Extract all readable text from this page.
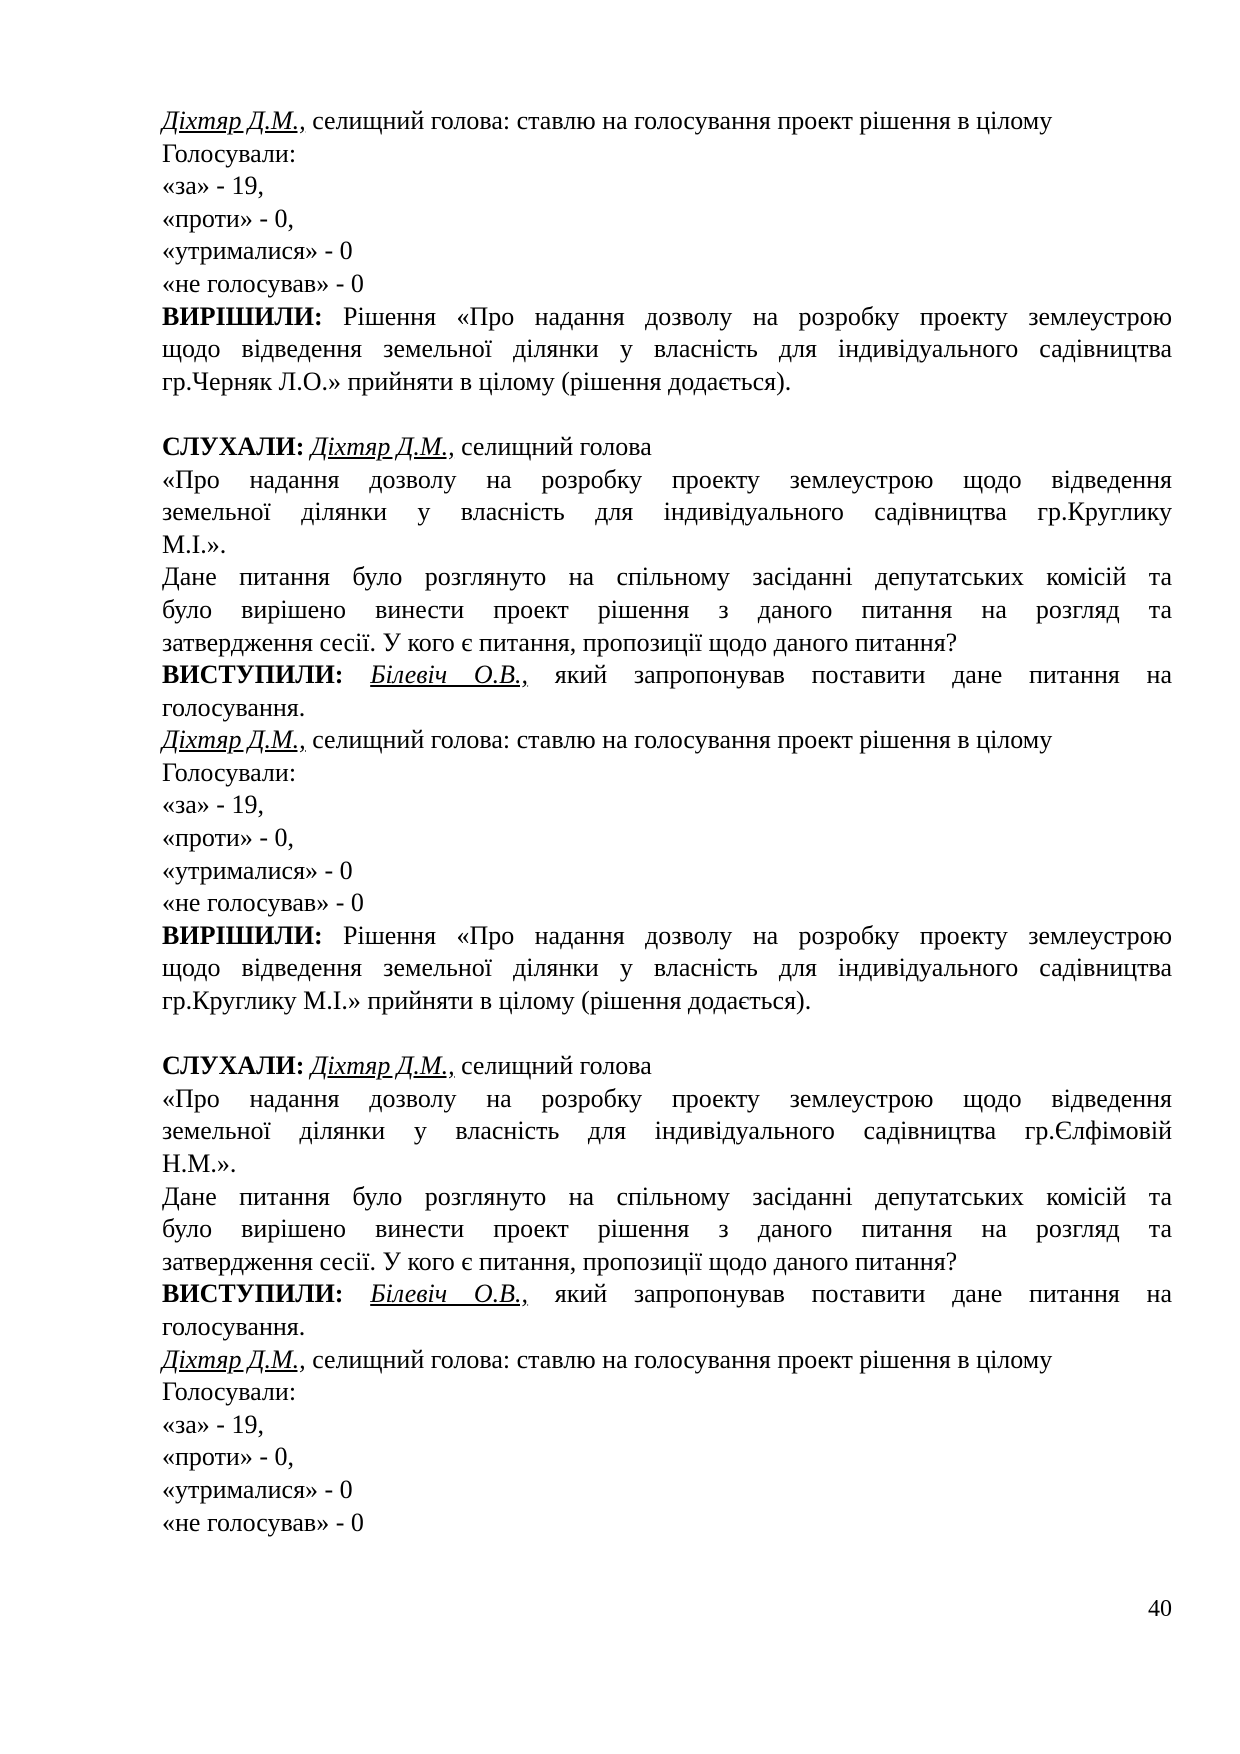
Діхтяр Д.М., селищний голова: ставлю на голосування проект рішення в цілому
Голосували:
«за» - 19,
«проти» - 0,
«утрималися» - 0
«не голосував» - 0
ВИРІШИЛИ: Рішення «Про надання дозволу на розробку проекту землеустрою
щодо відведення земельної ділянки у власність для індивідуального садівництва
гр.Черняк Л.О.» прийняти в цілому (рішення додається).
СЛУХАЛИ: Діхтяр Д.М., селищний голова
«Про надання дозволу на розробку проекту землеустрою щодо відведення
земельної ділянки у власність для індивідуального садівництва гр.Круглику
М.І.».
Дане питання було розглянуто на спільному засіданні депутатських комісій та
було вирішено винести проект рішення з даного питання на розгляд та
затвердження сесії. У кого є питання, пропозиції щодо даного питання?
ВИСТУПИЛИ: Білевіч О.В., який запропонував поставити дане питання на
голосування.
Діхтяр Д.М., селищний голова: ставлю на голосування проект рішення в цілому
Голосували:
«за» - 19,
«проти» - 0,
«утрималися» - 0
«не голосував» - 0
ВИРІШИЛИ: Рішення «Про надання дозволу на розробку проекту землеустрою
щодо відведення земельної ділянки у власність для індивідуального садівництва
гр.Круглику М.І.» прийняти в цілому (рішення додається).
СЛУХАЛИ: Діхтяр Д.М., селищний голова
«Про надання дозволу на розробку проекту землеустрою щодо відведення
земельної ділянки у власність для індивідуального садівництва гр.Єлфімовій
Н.М.».
Дане питання було розглянуто на спільному засіданні депутатських комісій та
було вирішено винести проект рішення з даного питання на розгляд та
затвердження сесії. У кого є питання, пропозиції щодо даного питання?
ВИСТУПИЛИ: Білевіч О.В., який запропонував поставити дане питання на
голосування.
Діхтяр Д.М., селищний голова: ставлю на голосування проект рішення в цілому
Голосували:
«за» - 19,
«проти» - 0,
«утрималися» - 0
«не голосував» - 0
40
